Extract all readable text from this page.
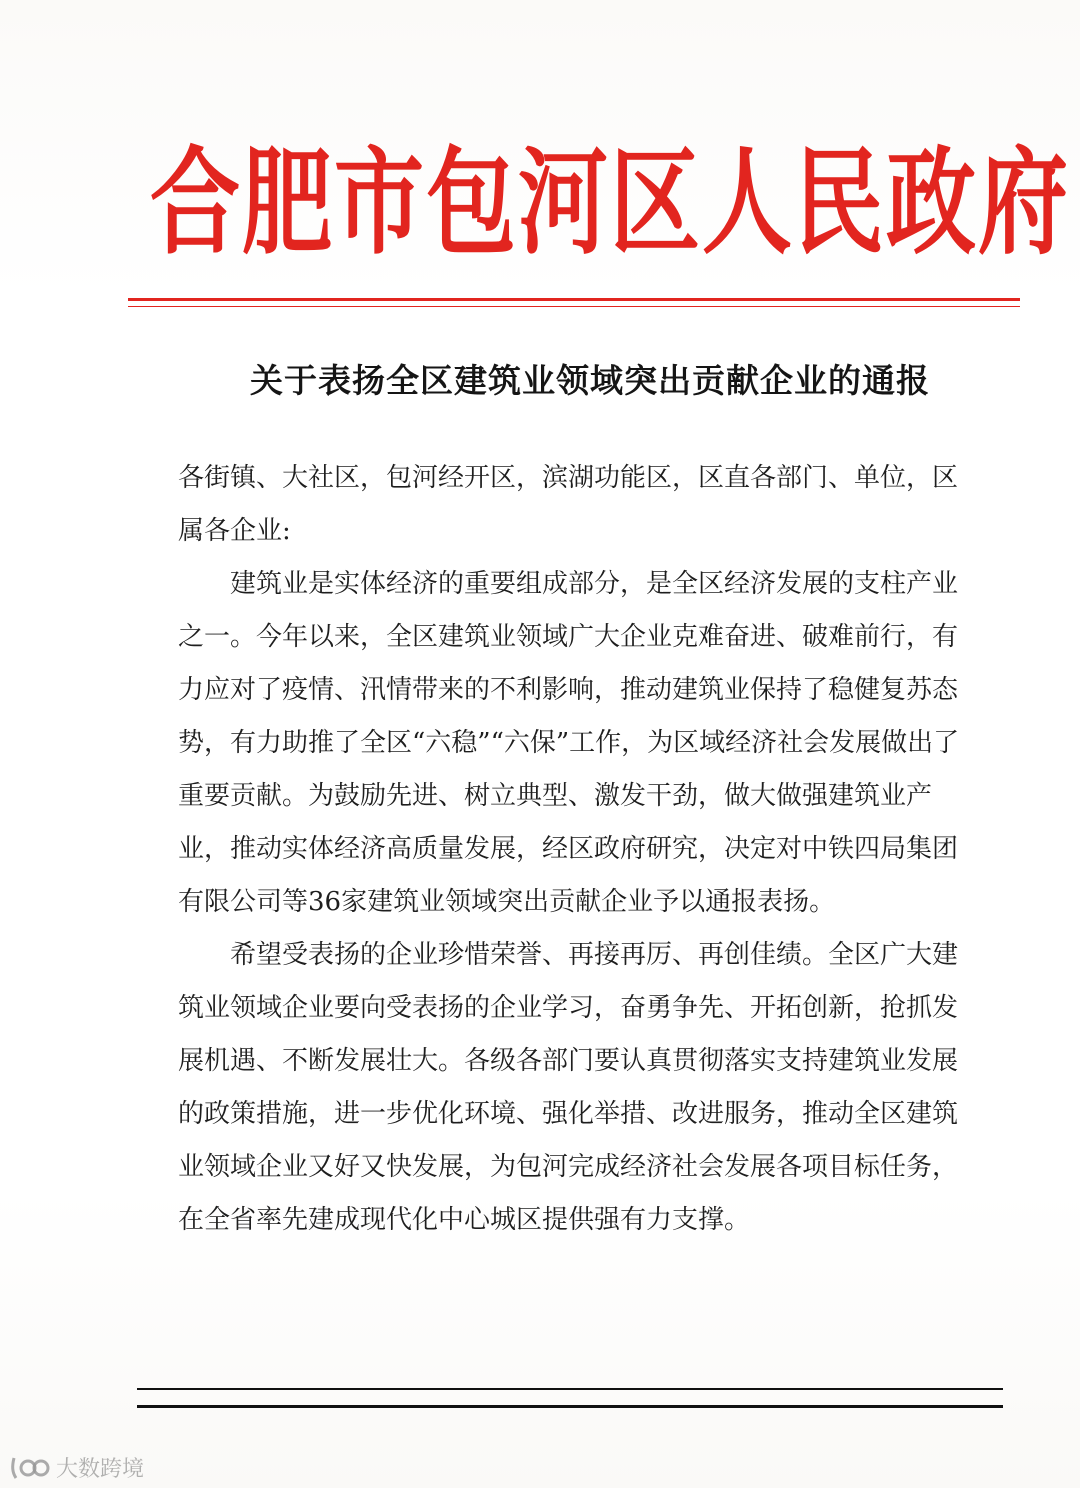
合肥市包河区人民政府
关于表扬全区建筑业领域突出贡献企业的通报

各街镇、大社区，包河经开区，滨湖功能区，区直各部门、单位，区属各企业:

建筑业是实体经济的重要组成部分，是全区经济发展的支柱产业之一。今年以来，全区建筑业领域广大企业克难奋进、破难前行，有力应对了疫情、汛情带来的不利影响，推动建筑业保持了稳健复苏态势，有力助推了全区“六稳”“六保”工作，为区域经济社会发展做出了重要贡献。为鼓励先进、树立典型、激发干劲，做大做强建筑业产业，推动实体经济高质量发展，经区政府研究，决定对中铁四局集团有限公司等36家建筑业领域突出贡献企业予以通报表扬。

希望受表扬的企业珍惜荣誉、再接再厉、再创佳绩。全区广大建筑业领域企业要向受表扬的企业学习，奋勇争先、开拓创新，抢抓发展机遇、不断发展壮大。各级各部门要认真贯彻落实支持建筑业发展的政策措施，进一步优化环境、强化举措、改进服务，推动全区建筑业领域企业又好又快发展，为包河完成经济社会发展各项目标任务，在全省率先建成现代化中心城区提供强有力支撑。

大数跨境
